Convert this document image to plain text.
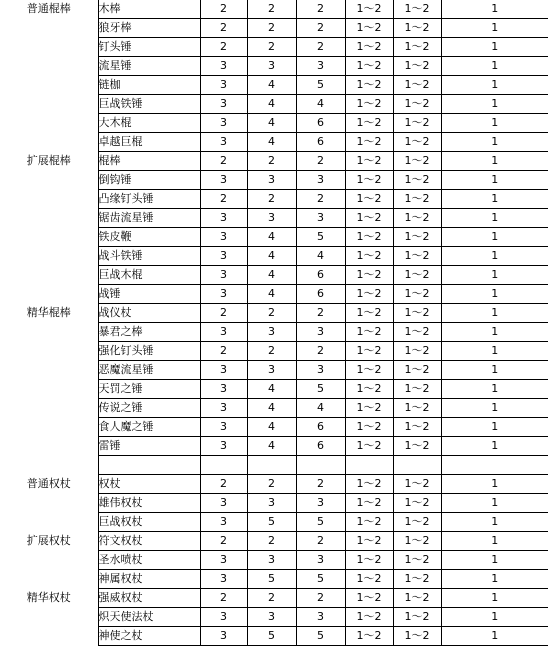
普通棍棒	木棒	2	2	2	1～2	1～2	1
	狼牙棒	2	2	2	1～2	1～2	1
	钉头锤	2	2	2	1～2	1～2	1
	流星锤	3	3	3	1～2	1～2	1
	链枷	3	4	5	1～2	1～2	1
	巨战铁锤	3	4	4	1～2	1～2	1
	大木棍	3	4	6	1～2	1～2	1
	卓越巨棍	3	4	6	1～2	1～2	1
扩展棍棒	棍棒	2	2	2	1～2	1～2	1
	倒钩锤	3	3	3	1～2	1～2	1
	凸缘钉头锤	2	2	2	1～2	1～2	1
	锯齿流星锤	3	3	3	1～2	1～2	1
	铁皮鞭	3	4	5	1～2	1～2	1
	战斗铁锤	3	4	4	1～2	1～2	1
	巨战木棍	3	4	6	1～2	1～2	1
	战锤	3	4	6	1～2	1～2	1
精华棍棒	战仪杖	2	2	2	1～2	1～2	1
	暴君之棒	3	3	3	1～2	1～2	1
	强化钉头锤	2	2	2	1～2	1～2	1
	恶魔流星锤	3	3	3	1～2	1～2	1
	天罚之锤	3	4	5	1～2	1～2	1
	传说之锤	3	4	4	1～2	1～2	1
	食人魔之锤	3	4	6	1～2	1～2	1
	雷锤	3	4	6	1～2	1～2	1

普通权杖	权杖	2	2	2	1～2	1～2	1
	雄伟权杖	3	3	3	1～2	1～2	1
	巨战权杖	3	5	5	1～2	1～2	1
扩展权杖	符文权杖	2	2	2	1～2	1～2	1
	圣水喷杖	3	3	3	1～2	1～2	1
	神属权杖	3	5	5	1～2	1～2	1
精华权杖	强威权杖	2	2	2	1～2	1～2	1
	炽天使法杖	3	3	3	1～2	1～2	1
	神使之杖	3	5	5	1～2	1～2	1
